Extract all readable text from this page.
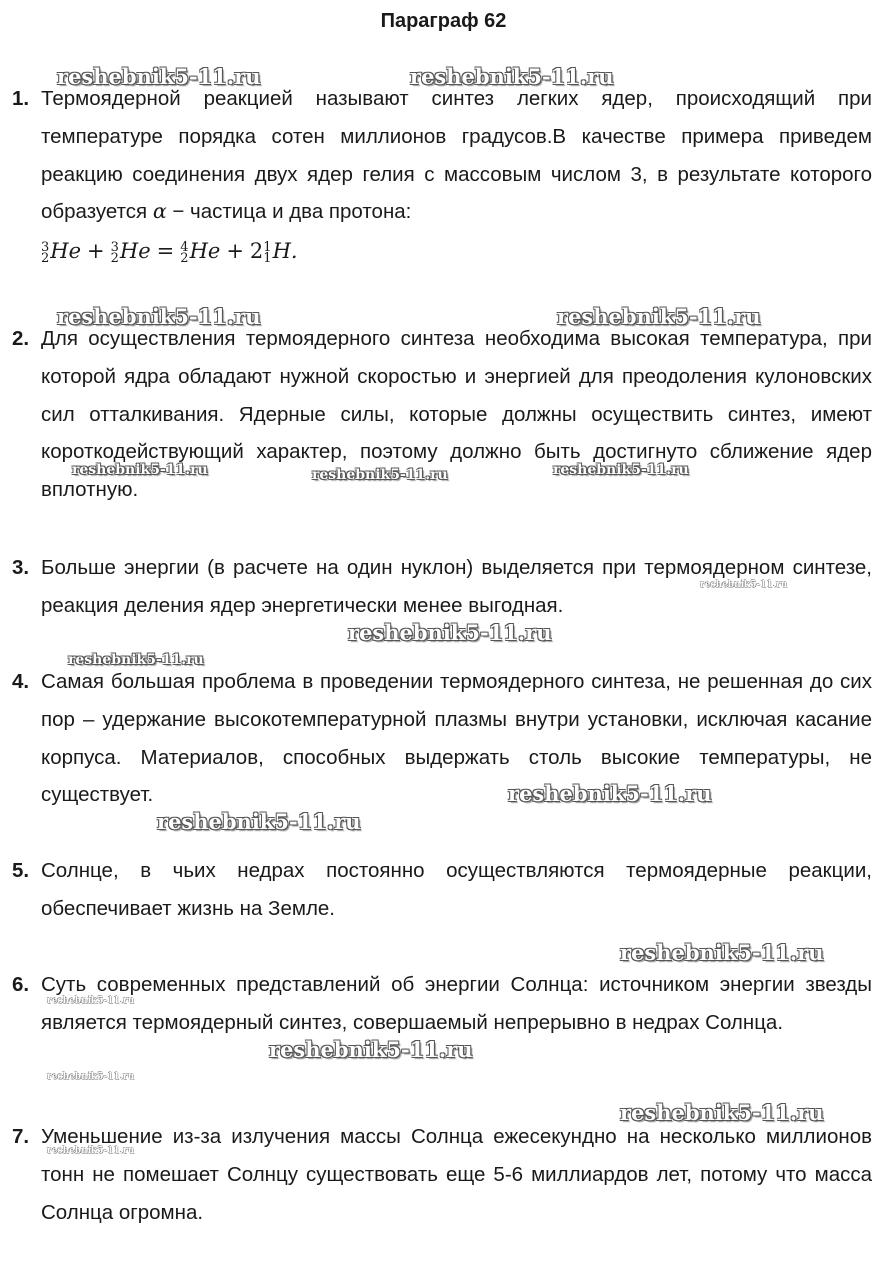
Параграф 62
1. Термоядерной реакцией называют синтез легких ядер, происходящий при температуре порядка сотен миллионов градусов.В качестве примера приведем реакцию соединения двух ядер гелия с массовым числом 3, в результате которого образуется α − частица и два протона:
3
2 He + 3
2 He = 4
2 He + 2 1
1 H.
2. Для осуществления термоядерного синтеза необходима высокая температура, при которой ядра обладают нужной скоростью и энергией для преодоления кулоновских сил отталкивания. Ядерные силы, которые должны осуществить синтез, имеют короткодействующий характер, поэтому должно быть достигнуто сближение ядер вплотную.
3. Больше энергии (в расчете на один нуклон) выделяется при термоядерном синтезе, реакция деления ядер энергетически менее выгодная.
4. Самая большая проблема в проведении термоядерного синтеза, не решенная до сих пор – удержание высокотемпературной плазмы внутри установки, исключая касание корпуса. Материалов, способных выдержать столь высокие температуры, не существует.
5. Солнце, в чьих недрах постоянно осуществляются термоядерные реакции, обеспечивает жизнь на Земле.
6. Суть современных представлений об энергии Солнца: источником энергии звезды является термоядерный синтез, совершаемый непрерывно в недрах Солнца.
7. Уменьшение из-за излучения массы Солнца ежесекундно на несколько миллионов тонн не помешает Солнцу существовать еще 5-6 миллиардов лет, потому что масса Солнца огромна.
reshebnik5-11.ru	reshebnik5-11.ru
reshebnik5-11.ru	reshebnik5-11.ru
reshebnik5-11.ru	reshebnik5-11.ru	reshebnik5-11.ru
reshebnik5-11.ru
reshebnik5-11.ru
reshebnik5-11.ru
reshebnik5-11.ru
reshebnik5-11.ru
reshebnik5-11.ru
reshebnik5-11.ru
reshebnik5-11.ru
reshebnik5-11.ru
reshebnik5-11.ru
reshebnik5-11.ru
